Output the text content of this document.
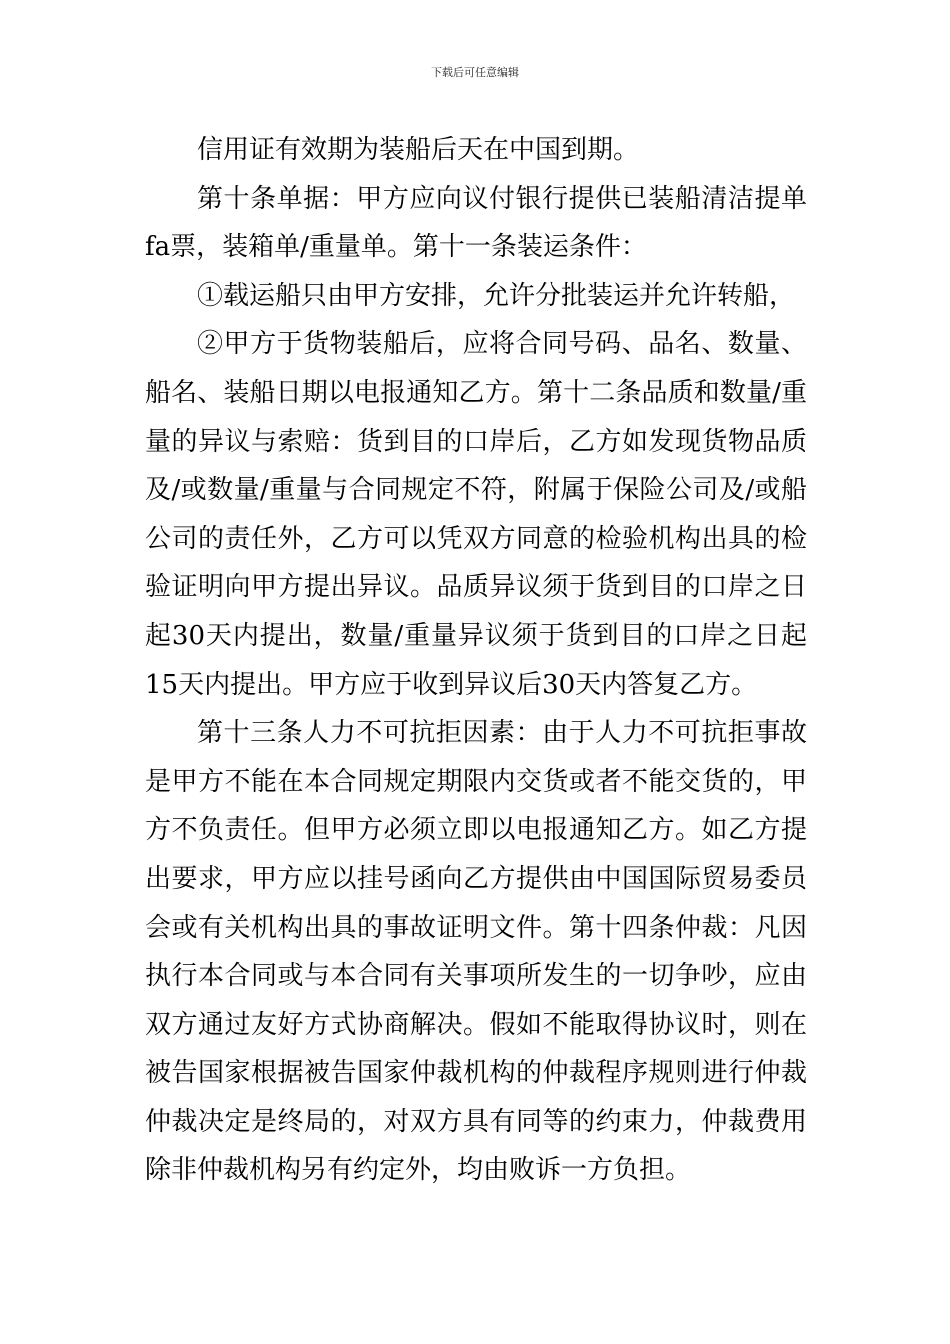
下载后可任意编辑

信用证有效期为装船后天在中国到期。

第十条单据：甲方应向议付银行提供已装船清洁提单fa票，装箱单/重量单。第十一条装运条件：

①载运船只由甲方安排，允许分批装运并允许转船，

②甲方于货物装船后，应将合同号码、品名、数量、船名、装船日期以电报通知乙方。第十二条品质和数量/重量的异议与索赔：货到目的口岸后，乙方如发现货物品质及/或数量/重量与合同规定不符，附属于保险公司及/或船公司的责任外，乙方可以凭双方同意的检验机构出具的检验证明向甲方提出异议。品质异议须于货到目的口岸之日起30天内提出，数量/重量异议须于货到目的口岸之日起15天内提出。甲方应于收到异议后30天内答复乙方。

第十三条人力不可抗拒因素：由于人力不可抗拒事故是甲方不能在本合同规定期限内交货或者不能交货的，甲方不负责任。但甲方必须立即以电报通知乙方。如乙方提出要求，甲方应以挂号函向乙方提供由中国国际贸易委员会或有关机构出具的事故证明文件。第十四条仲裁：凡因执行本合同或与本合同有关事项所发生的一切争吵，应由双方通过友好方式协商解决。假如不能取得协议时，则在被告国家根据被告国家仲裁机构的仲裁程序规则进行仲裁仲裁决定是终局的，对双方具有同等的约束力，仲裁费用除非仲裁机构另有约定外，均由败诉一方负担。
